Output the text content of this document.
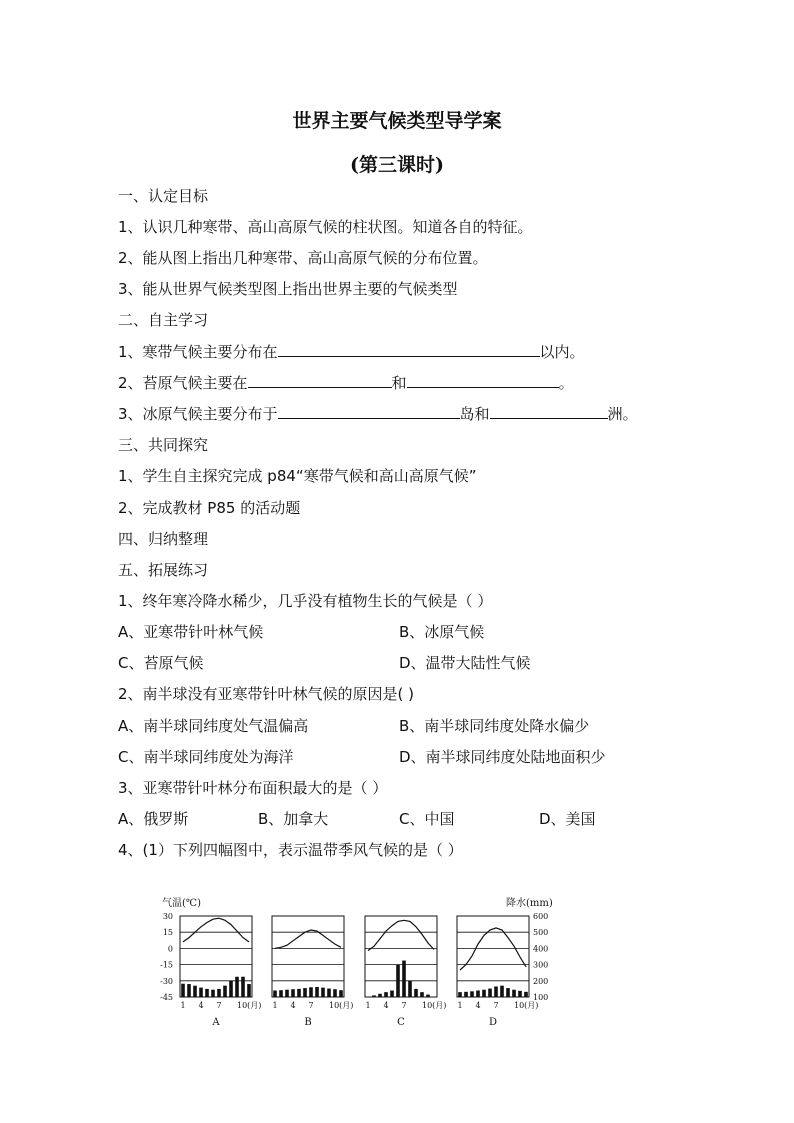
世界主要气候类型导学案
(第三课时)
一、认定目标
1、认识几种寒带、高山高原气候的柱状图。知道各自的特征。
2、能从图上指出几种寒带、高山高原气候的分布位置。
3、能从世界气候类型图上指出世界主要的气候类型
二、自主学习
1、寒带气候主要分布在	以内。
2、苔原气候主要在	和	。
3、冰原气候主要分布于	岛和	洲。
三、共同探究
1、学生自主探究完成 p84“寒带气候和高山高原气候”
2、完成教材 P85 的活动题
四、归纳整理
五、拓展练习
1、终年寒冷降水稀少，几乎没有植物生长的气候是（ ）
A、亚寒带针叶林气候	B、冰原气候
C、苔原气候	D、温带大陆性气候
2、南半球没有亚寒带针叶林气候的原因是( )
A、南半球同纬度处气温偏高	B、南半球同纬度处降水偏少
C、南半球同纬度处为海洋	D、南半球同纬度处陆地面积少
3、亚寒带针叶林分布面积最大的是（ ）
A、俄罗斯	B、加拿大	C、中国	D、美国
4、(1）下列四幅图中，表示温带季风气候的是（ ）
气温(℃)	降水(mm)
30
15
0
-15
-30
-45
600
500
400
300
200
100
1 4 7 10(月)
A
1 4 7 10(月)
B
1 4 7 10(月)
C
1 4 7 10(月)
D
